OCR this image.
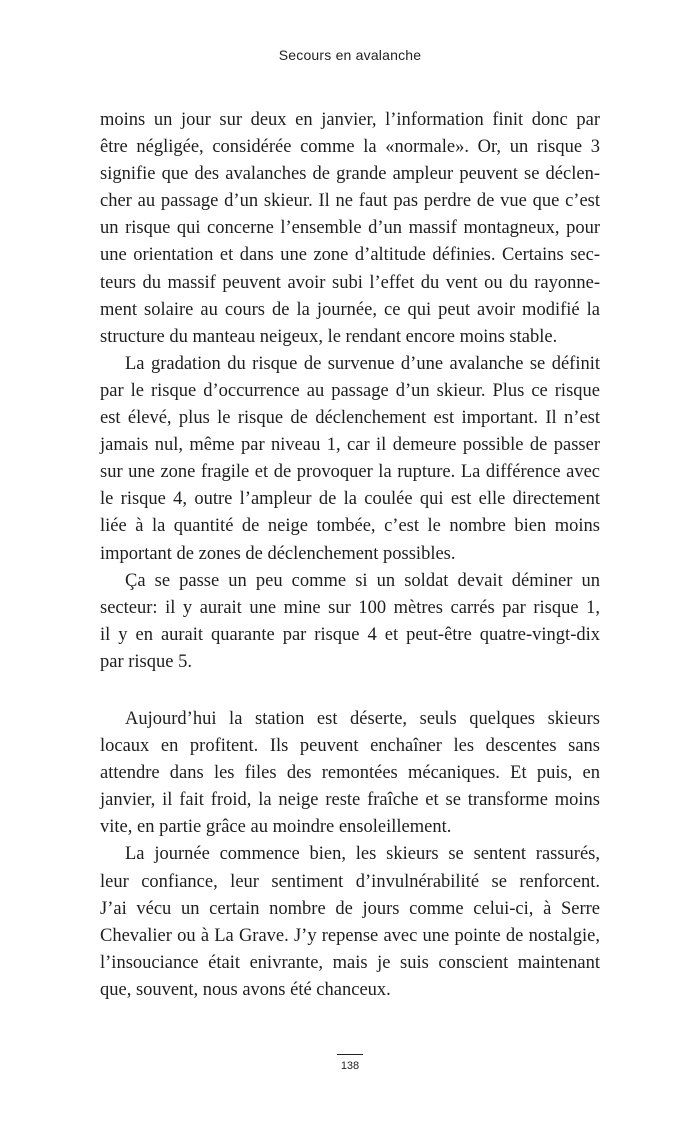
Secours en avalanche
moins un jour sur deux en janvier, l’information finit donc par
être négligée, considérée comme la «normale». Or, un risque 3
signifie que des avalanches de grande ampleur peuvent se déclen-
cher au passage d’un skieur. Il ne faut pas perdre de vue que c’est
un risque qui concerne l’ensemble d’un massif montagneux, pour
une orientation et dans une zone d’altitude définies. Certains sec-
teurs du massif peuvent avoir subi l’effet du vent ou du rayonne-
ment solaire au cours de la journée, ce qui peut avoir modifié la
structure du manteau neigeux, le rendant encore moins stable.
La gradation du risque de survenue d’une avalanche se définit
par le risque d’occurrence au passage d’un skieur. Plus ce risque
est élevé, plus le risque de déclenchement est important. Il n’est
jamais nul, même par niveau 1, car il demeure possible de passer
sur une zone fragile et de provoquer la rupture. La différence avec
le risque 4, outre l’ampleur de la coulée qui est elle directement
liée à la quantité de neige tombée, c’est le nombre bien moins
important de zones de déclenchement possibles.
Ça se passe un peu comme si un soldat devait déminer un
secteur: il y aurait une mine sur 100 mètres carrés par risque 1,
il y en aurait quarante par risque 4 et peut-être quatre-vingt-dix
par risque 5.
Aujourd’hui la station est déserte, seuls quelques skieurs
locaux en profitent. Ils peuvent enchaîner les descentes sans
attendre dans les files des remontées mécaniques. Et puis, en
janvier, il fait froid, la neige reste fraîche et se transforme moins
vite, en partie grâce au moindre ensoleillement.
La journée commence bien, les skieurs se sentent rassurés,
leur confiance, leur sentiment d’invulnérabilité se renforcent.
J’ai vécu un certain nombre de jours comme celui-ci, à Serre
Chevalier ou à La Grave. J’y repense avec une pointe de nostalgie,
l’insouciance était enivrante, mais je suis conscient maintenant
que, souvent, nous avons été chanceux.
138
